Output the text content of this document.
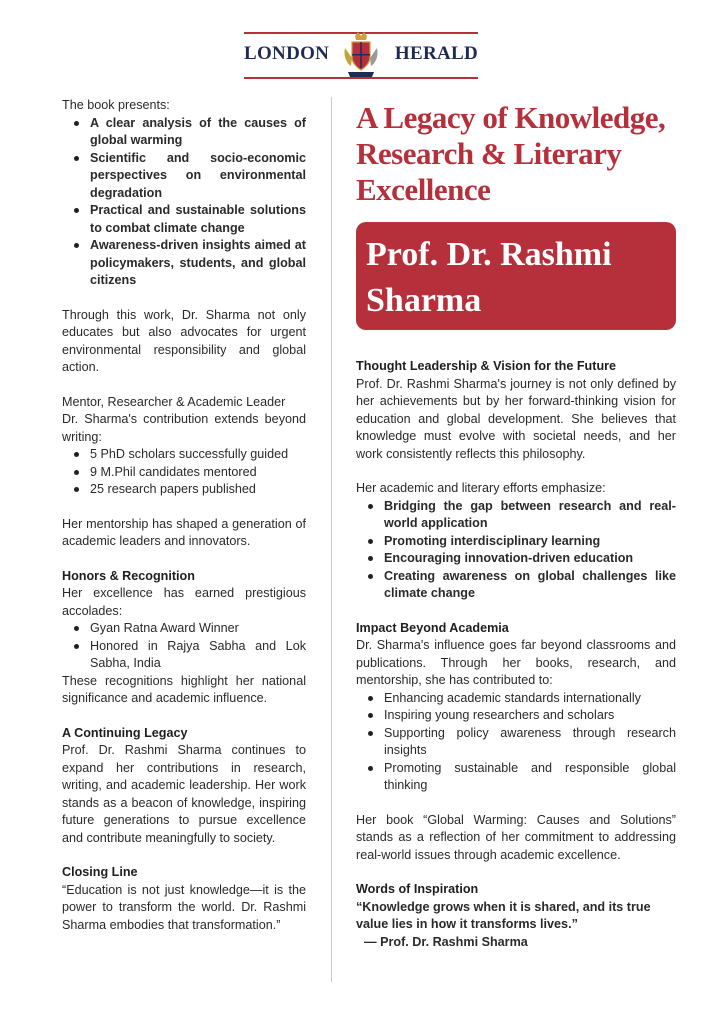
LONDON	HERALD

The book presents:

A clear analysis of the causes of global warming
Scientific and socio-economic perspectives on environmental degradation
Practical and sustainable solutions to combat climate change
Awareness-driven insights aimed at policymakers, students, and global citizens

Through this work, Dr. Sharma not only educates but also advocates for urgent environmental responsibility and global action.

Mentor, Researcher & Academic Leader

Dr. Sharma's contribution extends beyond writing:

5 PhD scholars successfully guided
9 M.Phil candidates mentored
25 research papers published

Her mentorship has shaped a generation of academic leaders and innovators.

Honors & Recognition

Her excellence has earned prestigious accolades:

Gyan Ratna Award Winner
Honored in Rajya Sabha and Lok Sabha, India

These recognitions highlight her national significance and academic influence.

A Continuing Legacy

Prof. Dr. Rashmi Sharma continues to expand her contributions in research, writing, and academic leadership. Her work stands as a beacon of knowledge, inspiring future generations to pursue excellence and contribute meaningfully to society.

Closing Line

“Education is not just knowledge—it is the power to transform the world. Dr. Rashmi Sharma embodies that transformation.”

A Legacy of Knowledge, Research & Literary Excellence
Prof. Dr. Rashmi Sharma

Thought Leadership & Vision for the Future

Prof. Dr. Rashmi Sharma's journey is not only defined by her achievements but by her forward-thinking vision for education and global development. She believes that knowledge must evolve with societal needs, and her work consistently reflects this philosophy.

Her academic and literary efforts emphasize:

Bridging the gap between research and real-world application
Promoting interdisciplinary learning
Encouraging innovation-driven education
Creating awareness on global challenges like climate change

Impact Beyond Academia

Dr. Sharma's influence goes far beyond classrooms and publications. Through her books, research, and mentorship, she has contributed to:

Enhancing academic standards internationally
Inspiring young researchers and scholars
Supporting policy awareness through research insights
Promoting sustainable and responsible global thinking

Her book “Global Warming: Causes and Solutions” stands as a reflection of her commitment to addressing real-world issues through academic excellence.

Words of Inspiration

“Knowledge grows when it is shared, and its true value lies in how it transforms lives.”

— Prof. Dr. Rashmi Sharma
